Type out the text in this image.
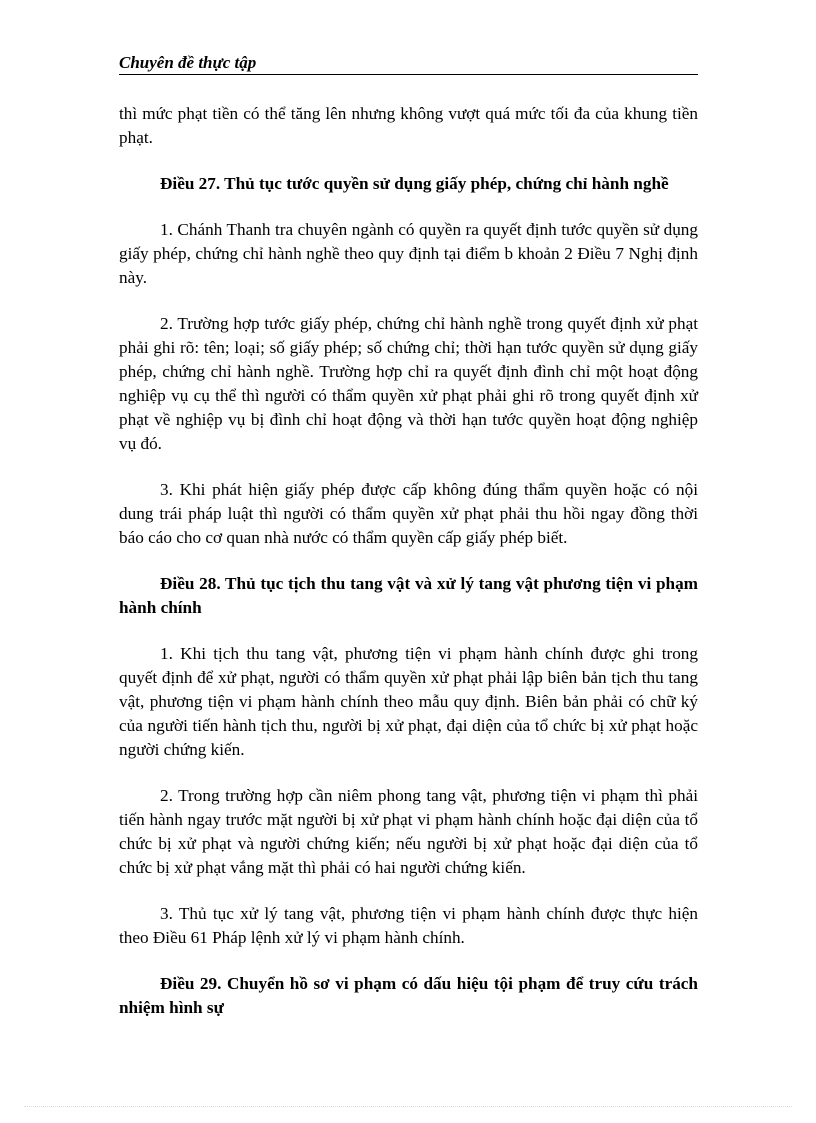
Chuyên đề thực tập

thì mức phạt tiền có thể tăng lên nhưng không vượt quá mức tối đa của khung tiền phạt.

Điều 27. Thủ tục tước quyền sử dụng giấy phép, chứng chỉ hành nghề

1. Chánh Thanh tra chuyên ngành có quyền ra quyết định tước quyền sử dụng giấy phép, chứng chỉ hành nghề theo quy định tại điểm b khoản 2 Điều 7 Nghị định này.

2. Trường hợp tước giấy phép, chứng chỉ hành nghề trong quyết định xử phạt phải ghi rõ: tên; loại; số giấy phép; số chứng chỉ; thời hạn tước quyền sử dụng giấy phép, chứng chỉ hành nghề. Trường hợp chỉ ra quyết định đình chỉ một hoạt động nghiệp vụ cụ thể thì người có thẩm quyền xử phạt phải ghi rõ trong quyết định xử phạt về nghiệp vụ bị đình chỉ hoạt động và thời hạn tước quyền hoạt động nghiệp vụ đó.

3. Khi phát hiện giấy phép được cấp không đúng thẩm quyền hoặc có nội dung trái pháp luật thì người có thẩm quyền xử phạt phải thu hồi ngay đồng thời báo cáo cho cơ quan nhà nước có thẩm quyền cấp giấy phép biết.

Điều 28. Thủ tục tịch thu tang vật và xử lý tang vật phương tiện vi phạm hành chính

1. Khi tịch thu tang vật, phương tiện vi phạm hành chính được ghi trong quyết định để xử phạt, người có thẩm quyền xử phạt phải lập biên bản tịch thu tang vật, phương tiện vi phạm hành chính theo mẫu quy định. Biên bản phải có chữ ký của người tiến hành tịch thu, người bị xử phạt, đại diện của tổ chức bị xử phạt hoặc người chứng kiến.

2. Trong trường hợp cần niêm phong tang vật, phương tiện vi phạm thì phải tiến hành ngay trước mặt người bị xử phạt vi phạm hành chính hoặc đại diện của tổ chức bị xử phạt và người chứng kiến; nếu người bị xử phạt hoặc đại diện của tổ chức bị xử phạt vắng mặt thì phải có hai người chứng kiến.

3. Thủ tục xử lý tang vật, phương tiện vi phạm hành chính được thực hiện theo Điều 61 Pháp lệnh xử lý vi phạm hành chính.

Điều 29. Chuyển hồ sơ vi phạm có dấu hiệu tội phạm để truy cứu trách nhiệm hình sự
